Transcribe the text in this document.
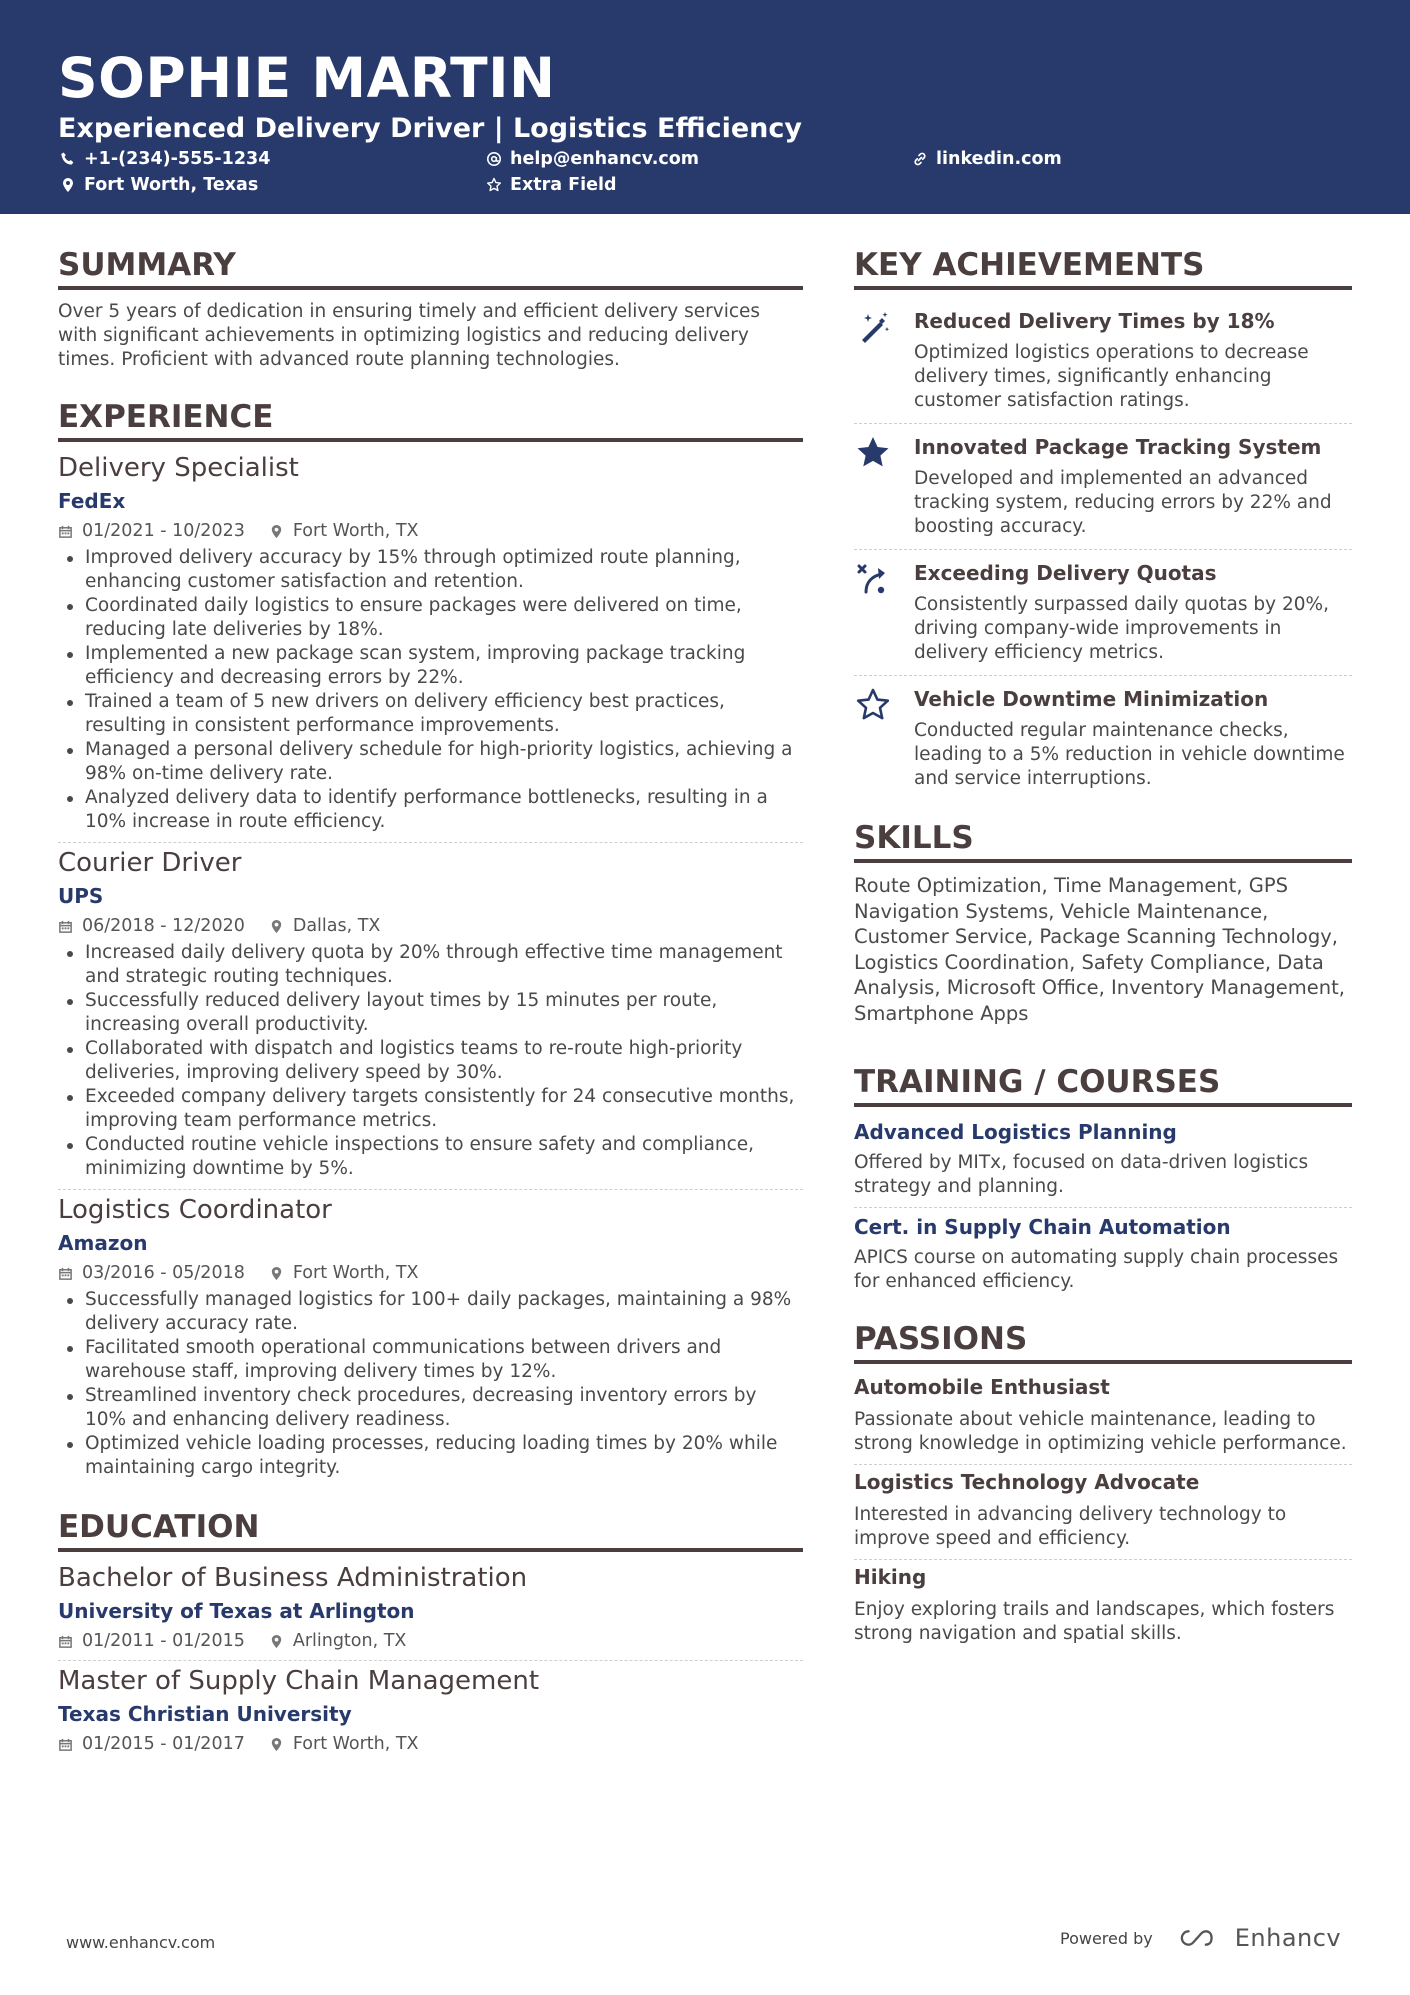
SOPHIE MARTIN
Experienced Delivery Driver | Logistics Efficiency
+1-(234)-555-1234	help@enhancv.com	linkedin.com
Fort Worth, Texas	Extra Field
SUMMARY
Over 5 years of dedication in ensuring timely and efficient delivery services with significant achievements in optimizing logistics and reducing delivery times. Proficient with advanced route planning technologies.
EXPERIENCE
Delivery Specialist
FedEx
01/2021 - 10/2023	Fort Worth, TX
Improved delivery accuracy by 15% through optimized route planning, enhancing customer satisfaction and retention.
Coordinated daily logistics to ensure packages were delivered on time, reducing late deliveries by 18%.
Implemented a new package scan system, improving package tracking efficiency and decreasing errors by 22%.
Trained a team of 5 new drivers on delivery efficiency best practices, resulting in consistent performance improvements.
Managed a personal delivery schedule for high-priority logistics, achieving a 98% on-time delivery rate.
Analyzed delivery data to identify performance bottlenecks, resulting in a 10% increase in route efficiency.
Courier Driver
UPS
06/2018 - 12/2020	Dallas, TX
Increased daily delivery quota by 20% through effective time management and strategic routing techniques.
Successfully reduced delivery layout times by 15 minutes per route, increasing overall productivity.
Collaborated with dispatch and logistics teams to re-route high-priority deliveries, improving delivery speed by 30%.
Exceeded company delivery targets consistently for 24 consecutive months, improving team performance metrics.
Conducted routine vehicle inspections to ensure safety and compliance, minimizing downtime by 5%.
Logistics Coordinator
Amazon
03/2016 - 05/2018	Fort Worth, TX
Successfully managed logistics for 100+ daily packages, maintaining a 98% delivery accuracy rate.
Facilitated smooth operational communications between drivers and warehouse staff, improving delivery times by 12%.
Streamlined inventory check procedures, decreasing inventory errors by 10% and enhancing delivery readiness.
Optimized vehicle loading processes, reducing loading times by 20% while maintaining cargo integrity.
EDUCATION
Bachelor of Business Administration
University of Texas at Arlington
01/2011 - 01/2015	Arlington, TX
Master of Supply Chain Management
Texas Christian University
01/2015 - 01/2017	Fort Worth, TX
KEY ACHIEVEMENTS
Reduced Delivery Times by 18%
Optimized logistics operations to decrease delivery times, significantly enhancing customer satisfaction ratings.
Innovated Package Tracking System
Developed and implemented an advanced tracking system, reducing errors by 22% and boosting accuracy.
Exceeding Delivery Quotas
Consistently surpassed daily quotas by 20%, driving company-wide improvements in delivery efficiency metrics.
Vehicle Downtime Minimization
Conducted regular maintenance checks, leading to a 5% reduction in vehicle downtime and service interruptions.
SKILLS
Route Optimization, Time Management, GPS Navigation Systems, Vehicle Maintenance, Customer Service, Package Scanning Technology, Logistics Coordination, Safety Compliance, Data Analysis, Microsoft Office, Inventory Management, Smartphone Apps
TRAINING / COURSES
Advanced Logistics Planning
Offered by MITx, focused on data-driven logistics strategy and planning.
Cert. in Supply Chain Automation
APICS course on automating supply chain processes for enhanced efficiency.
PASSIONS
Automobile Enthusiast
Passionate about vehicle maintenance, leading to strong knowledge in optimizing vehicle performance.
Logistics Technology Advocate
Interested in advancing delivery technology to improve speed and efficiency.
Hiking
Enjoy exploring trails and landscapes, which fosters strong navigation and spatial skills.
www.enhancv.com	Powered by	Enhancv
